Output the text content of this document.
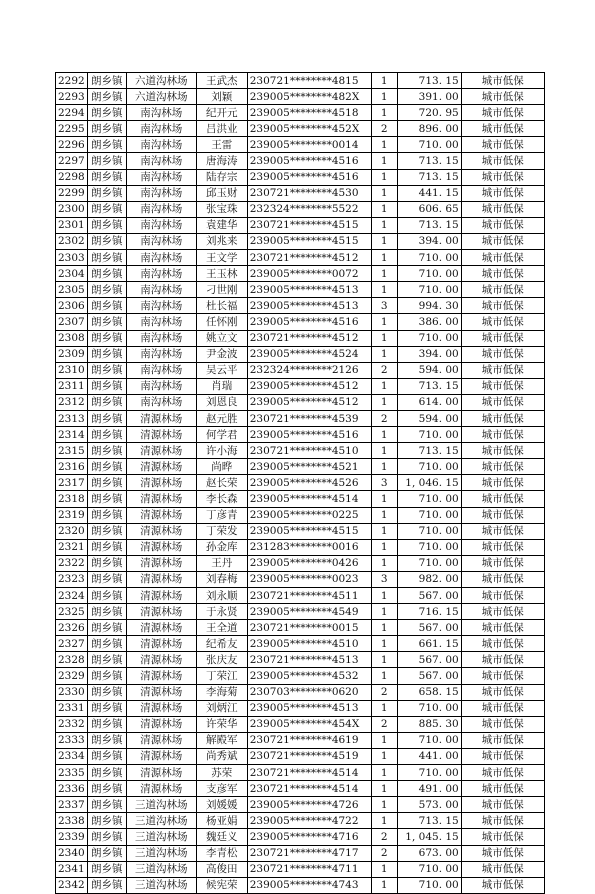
2292	朗乡镇	六道沟林场	王武杰	230721********4815	1	713. 15	城市低保
2293	朗乡镇	六道沟林场	刘颖	239005********482X	1	391. 00	城市低保
2294	朗乡镇	南沟林场	纪开元	239005********4518	1	720. 95	城市低保
2295	朗乡镇	南沟林场	吕洪业	239005********452X	2	896. 00	城市低保
2296	朗乡镇	南沟林场	王雷	239005********0014	1	710. 00	城市低保
2297	朗乡镇	南沟林场	唐海涛	239005********4516	1	713. 15	城市低保
2298	朗乡镇	南沟林场	陆存宗	239005********4516	1	713. 15	城市低保
2299	朗乡镇	南沟林场	邱玉财	230721********4530	1	441. 15	城市低保
2300	朗乡镇	南沟林场	张宝珠	232324********5522	1	606. 65	城市低保
2301	朗乡镇	南沟林场	袁建华	230721********4515	1	713. 15	城市低保
2302	朗乡镇	南沟林场	刘兆来	239005********4515	1	394. 00	城市低保
2303	朗乡镇	南沟林场	王文学	230721********4512	1	710. 00	城市低保
2304	朗乡镇	南沟林场	王玉林	239005********0072	1	710. 00	城市低保
2305	朗乡镇	南沟林场	刁世刚	239005********4513	1	710. 00	城市低保
2306	朗乡镇	南沟林场	杜长福	239005********4513	3	994. 30	城市低保
2307	朗乡镇	南沟林场	任怀刚	239005********4516	1	386. 00	城市低保
2308	朗乡镇	南沟林场	姚立文	230721********4512	1	710. 00	城市低保
2309	朗乡镇	南沟林场	尹金波	239005********4524	1	394. 00	城市低保
2310	朗乡镇	南沟林场	吴云平	232324********2126	2	594. 00	城市低保
2311	朗乡镇	南沟林场	肖瑞	239005********4512	1	713. 15	城市低保
2312	朗乡镇	南沟林场	刘恩良	239005********4512	1	614. 00	城市低保
2313	朗乡镇	清源林场	赵元胜	230721********4539	2	594. 00	城市低保
2314	朗乡镇	清源林场	何学君	239005********4516	1	710. 00	城市低保
2315	朗乡镇	清源林场	许小海	230721********4510	1	713. 15	城市低保
2316	朗乡镇	清源林场	尚晔	239005********4521	1	710. 00	城市低保
2317	朗乡镇	清源林场	赵长荣	239005********4526	3	1, 046. 15	城市低保
2318	朗乡镇	清源林场	李长森	239005********4514	1	710. 00	城市低保
2319	朗乡镇	清源林场	丁彦青	239005********0225	1	710. 00	城市低保
2320	朗乡镇	清源林场	丁荣发	239005********4515	1	710. 00	城市低保
2321	朗乡镇	清源林场	孙金库	231283********0016	1	710. 00	城市低保
2322	朗乡镇	清源林场	王丹	239005********0426	1	710. 00	城市低保
2323	朗乡镇	清源林场	刘春梅	239005********0023	3	982. 00	城市低保
2324	朗乡镇	清源林场	刘永顺	230721********4511	1	567. 00	城市低保
2325	朗乡镇	清源林场	于永贤	239005********4549	1	716. 15	城市低保
2326	朗乡镇	清源林场	王全道	230721********0015	1	567. 00	城市低保
2327	朗乡镇	清源林场	纪希友	239005********4510	1	661. 15	城市低保
2328	朗乡镇	清源林场	张庆友	230721********4513	1	567. 00	城市低保
2329	朗乡镇	清源林场	丁荣江	239005********4532	1	567. 00	城市低保
2330	朗乡镇	清源林场	李海菊	230703********0620	2	658. 15	城市低保
2331	朗乡镇	清源林场	刘炳江	239005********4513	1	710. 00	城市低保
2332	朗乡镇	清源林场	许荣华	239005********454X	2	885. 30	城市低保
2333	朗乡镇	清源林场	解殿军	230721********4619	1	710. 00	城市低保
2334	朗乡镇	清源林场	尚秀斌	230721********4519	1	441. 00	城市低保
2335	朗乡镇	清源林场	苏荣	230721********4514	1	710. 00	城市低保
2336	朗乡镇	清源林场	支彦军	230721********4514	1	491. 00	城市低保
2337	朗乡镇	三道沟林场	刘媛媛	239005********4726	1	573. 00	城市低保
2338	朗乡镇	三道沟林场	杨亚娟	239005********4722	1	713. 15	城市低保
2339	朗乡镇	三道沟林场	魏廷义	239005********4716	2	1, 045. 15	城市低保
2340	朗乡镇	三道沟林场	李青松	230721********4717	2	673. 00	城市低保
2341	朗乡镇	三道沟林场	高俊田	230721********4711	1	710. 00	城市低保
2342	朗乡镇	三道沟林场	候宪荣	239005********4743	1	710. 00	城市低保
